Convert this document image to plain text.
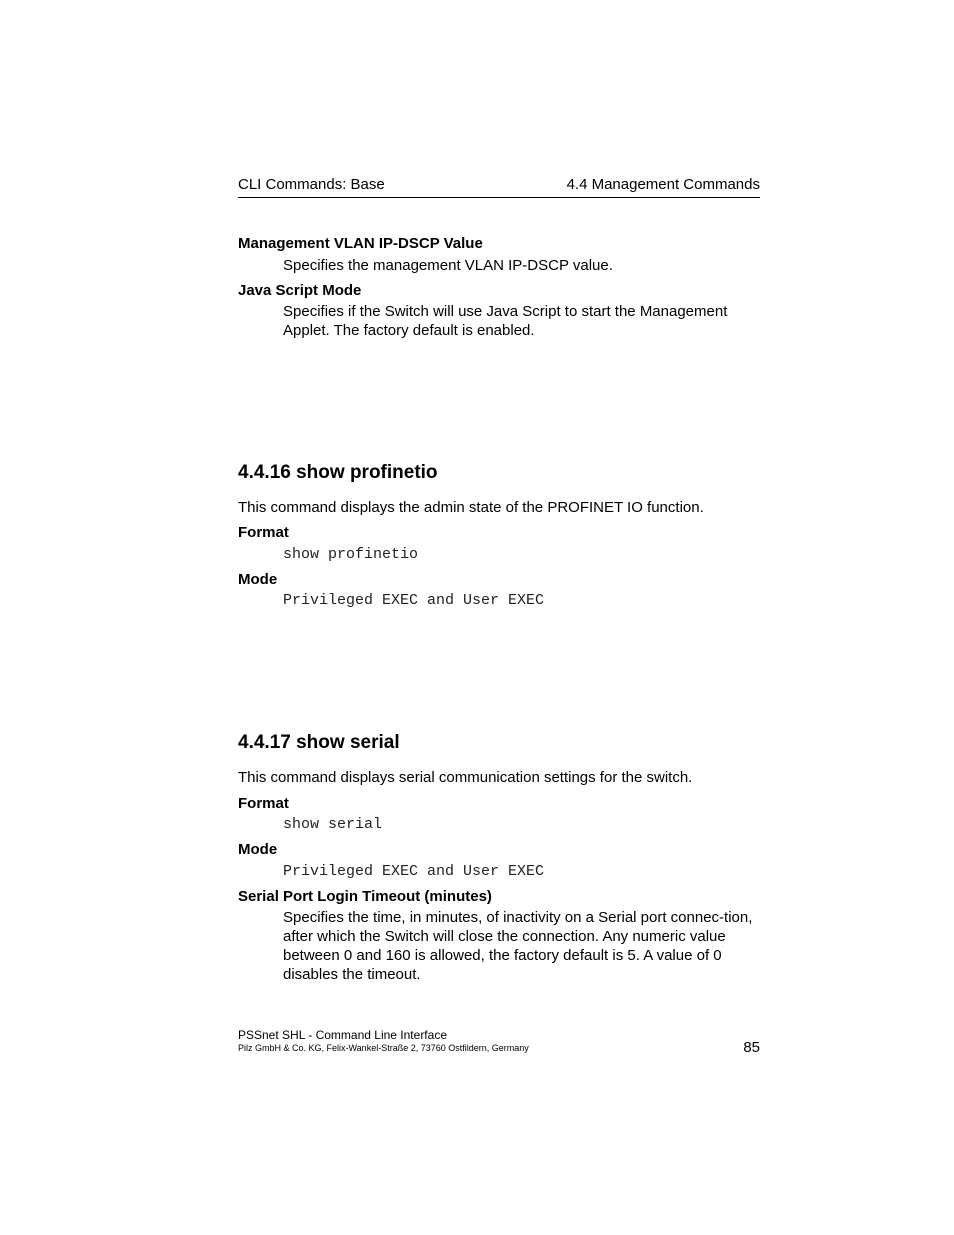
CLI Commands: Base	4.4 Management Commands
Management VLAN IP-DSCP Value
Specifies the management VLAN IP-DSCP value.
Java Script Mode
Specifies if the Switch will use Java Script to start the Management Applet. The factory default is enabled.
4.4.16 show profinetio
This command displays the admin state of the PROFINET IO function.
Format
show profinetio
Mode
Privileged EXEC and User EXEC
4.4.17 show serial
This command displays serial communication settings for the switch.
Format
show serial
Mode
Privileged EXEC and User EXEC
Serial Port Login Timeout (minutes)
Specifies the time, in minutes, of inactivity on a Serial port connec-tion, after which the Switch will close the connection. Any numeric value between 0 and 160 is allowed, the factory default is 5. A value of 0 disables the timeout.
PSSnet SHL - Command Line Interface
Pilz GmbH & Co. KG, Felix-Wankel-Straße 2, 73760 Ostfildern, Germany	85
